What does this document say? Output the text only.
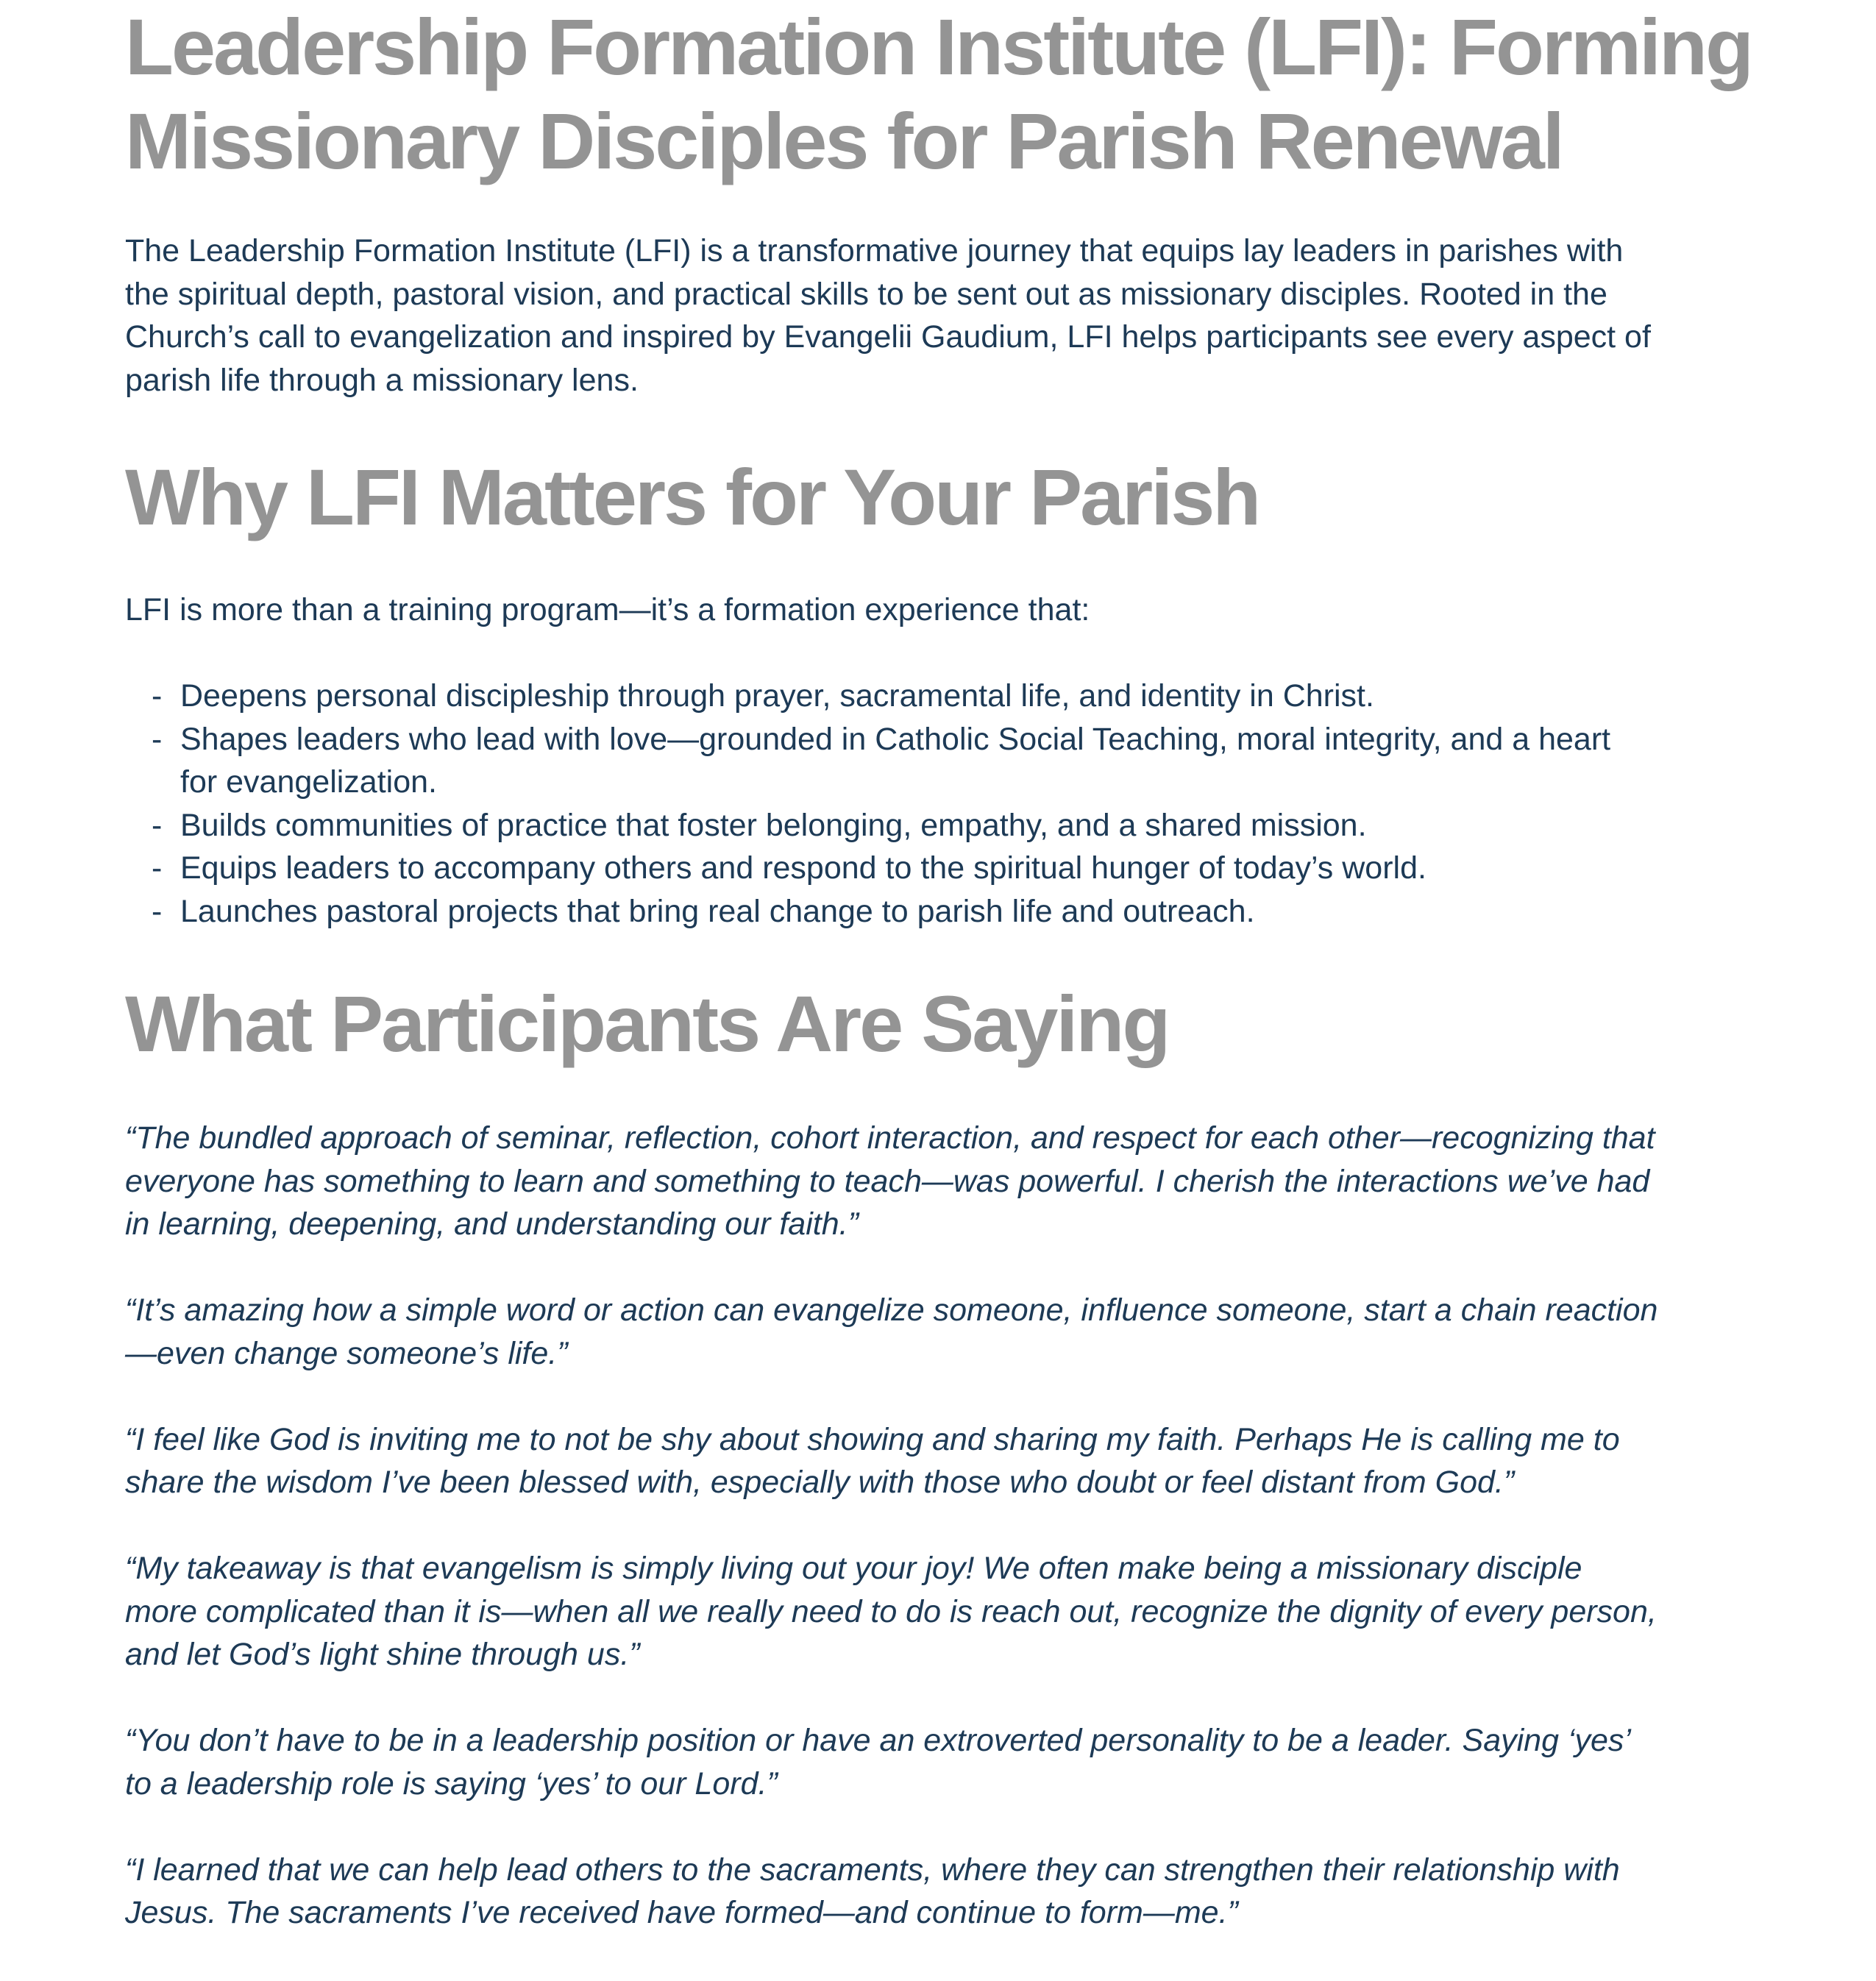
Leadership Formation Institute (LFI): Forming Missionary Disciples for Parish Renewal

The Leadership Formation Institute (LFI) is a transformative journey that equips lay leaders in parishes with the spiritual depth, pastoral vision, and practical skills to be sent out as missionary disciples. Rooted in the Church’s call to evangelization and inspired by Evangelii Gaudium, LFI helps participants see every aspect of parish life through a missionary lens.

Why LFI Matters for Your Parish

LFI is more than a training program—it’s a formation experience that:

- Deepens personal discipleship through prayer, sacramental life, and identity in Christ.
- Shapes leaders who lead with love—grounded in Catholic Social Teaching, moral integrity, and a heart for evangelization.
- Builds communities of practice that foster belonging, empathy, and a shared mission.
- Equips leaders to accompany others and respond to the spiritual hunger of today’s world.
- Launches pastoral projects that bring real change to parish life and outreach.
What Participants Are Saying

“The bundled approach of seminar, reflection, cohort interaction, and respect for each other—recognizing that everyone has something to learn and something to teach—was powerful. I cherish the interactions we’ve had in learning, deepening, and understanding our faith.”

“It’s amazing how a simple word or action can evangelize someone, influence someone, start a chain reaction—even change someone’s life.”

“I feel like God is inviting me to not be shy about showing and sharing my faith. Perhaps He is calling me to share the wisdom I’ve been blessed with, especially with those who doubt or feel distant from God.”

“My takeaway is that evangelism is simply living out your joy! We often make being a missionary disciple more complicated than it is—when all we really need to do is reach out, recognize the dignity of every person, and let God’s light shine through us.”

“You don’t have to be in a leadership position or have an extroverted personality to be a leader. Saying ‘yes’ to a leadership role is saying ‘yes’ to our Lord.”

“I learned that we can help lead others to the sacraments, where they can strengthen their relationship with Jesus. The sacraments I’ve received have formed—and continue to form—me.”
